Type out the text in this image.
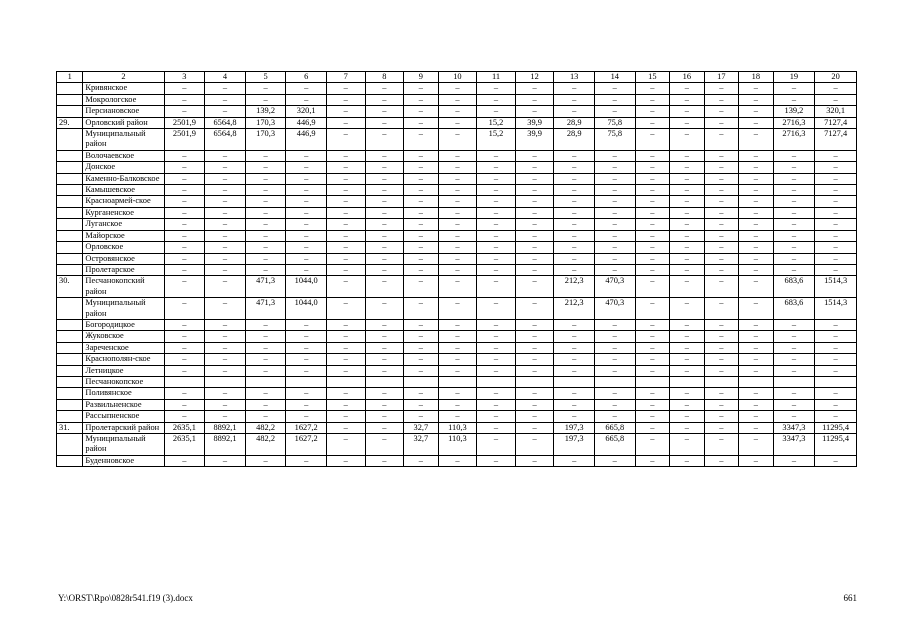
1	2	3	4	5	6	7	8	9	10	11	12	13	14	15	16	17	18	19	20
	Кривянское	–	–	–	–	–	–	–	–	–	–	–	–	–	–	–	–	–	–
	Мокрологское	–	–	–	–	–	–	–	–	–	–	–	–	–	–	–	–	–	–
	Персиановское	–	–	139,2	320,1	–	–	–	–	–	–	–	–	–	–	–	–	139,2	320,1
29.	Орловский район	2501,9	6564,8	170,3	446,9	–	–	–	–	15,2	39,9	28,9	75,8	–	–	–	–	2716,3	7127,4
	Муниципальный район	2501,9	6564,8	170,3	446,9	–	–	–	–	15,2	39,9	28,9	75,8	–	–	–	–	2716,3	7127,4
	Волочаевское	–	–	–	–	–	–	–	–	–	–	–	–	–	–	–	–	–	–
	Донское	–	–	–	–	–	–	–	–	–	–	–	–	–	–	–	–	–	–
	Каменно-Балковское	–	–	–	–	–	–	–	–	–	–	–	–	–	–	–	–	–	–
	Камышевское	–	–	–	–	–	–	–	–	–	–	–	–	–	–	–	–	–	–
	Красноармей-ское	–	–	–	–	–	–	–	–	–	–	–	–	–	–	–	–	–	–
	Курганенское	–	–	–	–	–	–	–	–	–	–	–	–	–	–	–	–	–	–
	Луганское	–	–	–	–	–	–	–	–	–	–	–	–	–	–	–	–	–	–
	Майорское	–	–	–	–	–	–	–	–	–	–	–	–	–	–	–	–	–	–
	Орловское	–	–	–	–	–	–	–	–	–	–	–	–	–	–	–	–	–	–
	Островянское	–	–	–	–	–	–	–	–	–	–	–	–	–	–	–	–	–	–
	Пролетарское	–	–	–	–	–	–	–	–	–	–	–	–	–	–	–	–	–	–
30.	Песчанокопский район	–	–	471,3	1044,0	–	–	–	–	–	–	212,3	470,3	–	–	–	–	683,6	1514,3
	Муниципальный район	–	–	471,3	1044,0	–	–	–	–	–	–	212,3	470,3	–	–	–	–	683,6	1514,3
	Богородицкое	–	–	–	–	–	–	–	–	–	–	–	–	–	–	–	–	–	–
	Жуковское	–	–	–	–	–	–	–	–	–	–	–	–	–	–	–	–	–	–
	Зареченское	–	–	–	–	–	–	–	–	–	–	–	–	–	–	–	–	–	–
	Краснополян-ское	–	–	–	–	–	–	–	–	–	–	–	–	–	–	–	–	–	–
	Летницкое	–	–	–	–	–	–	–	–	–	–	–	–	–	–	–	–	–	–
	Песчанокопское																		
	Поливянское	–	–	–	–	–	–	–	–	–	–	–	–	–	–	–	–	–	–
	Развильненское	–	–	–	–	–	–	–	–	–	–	–	–	–	–	–	–	–	–
	Рассыпненское	–	–	–	–	–	–	–	–	–	–	–	–	–	–	–	–	–	–
31.	Пролетарский район	2635,1	8892,1	482,2	1627,2	–	–	32,7	110,3	–	–	197,3	665,8	–	–	–	–	3347,3	11295,4
	Муниципальный район	2635,1	8892,1	482,2	1627,2	–	–	32,7	110,3	–	–	197,3	665,8	–	–	–	–	3347,3	11295,4
	Буденновское	–	–	–	–	–	–	–	–	–	–	–	–	–	–	–	–	–	–
Y:\ORST\Rpo\0828r541.f19 (3).docx	661
